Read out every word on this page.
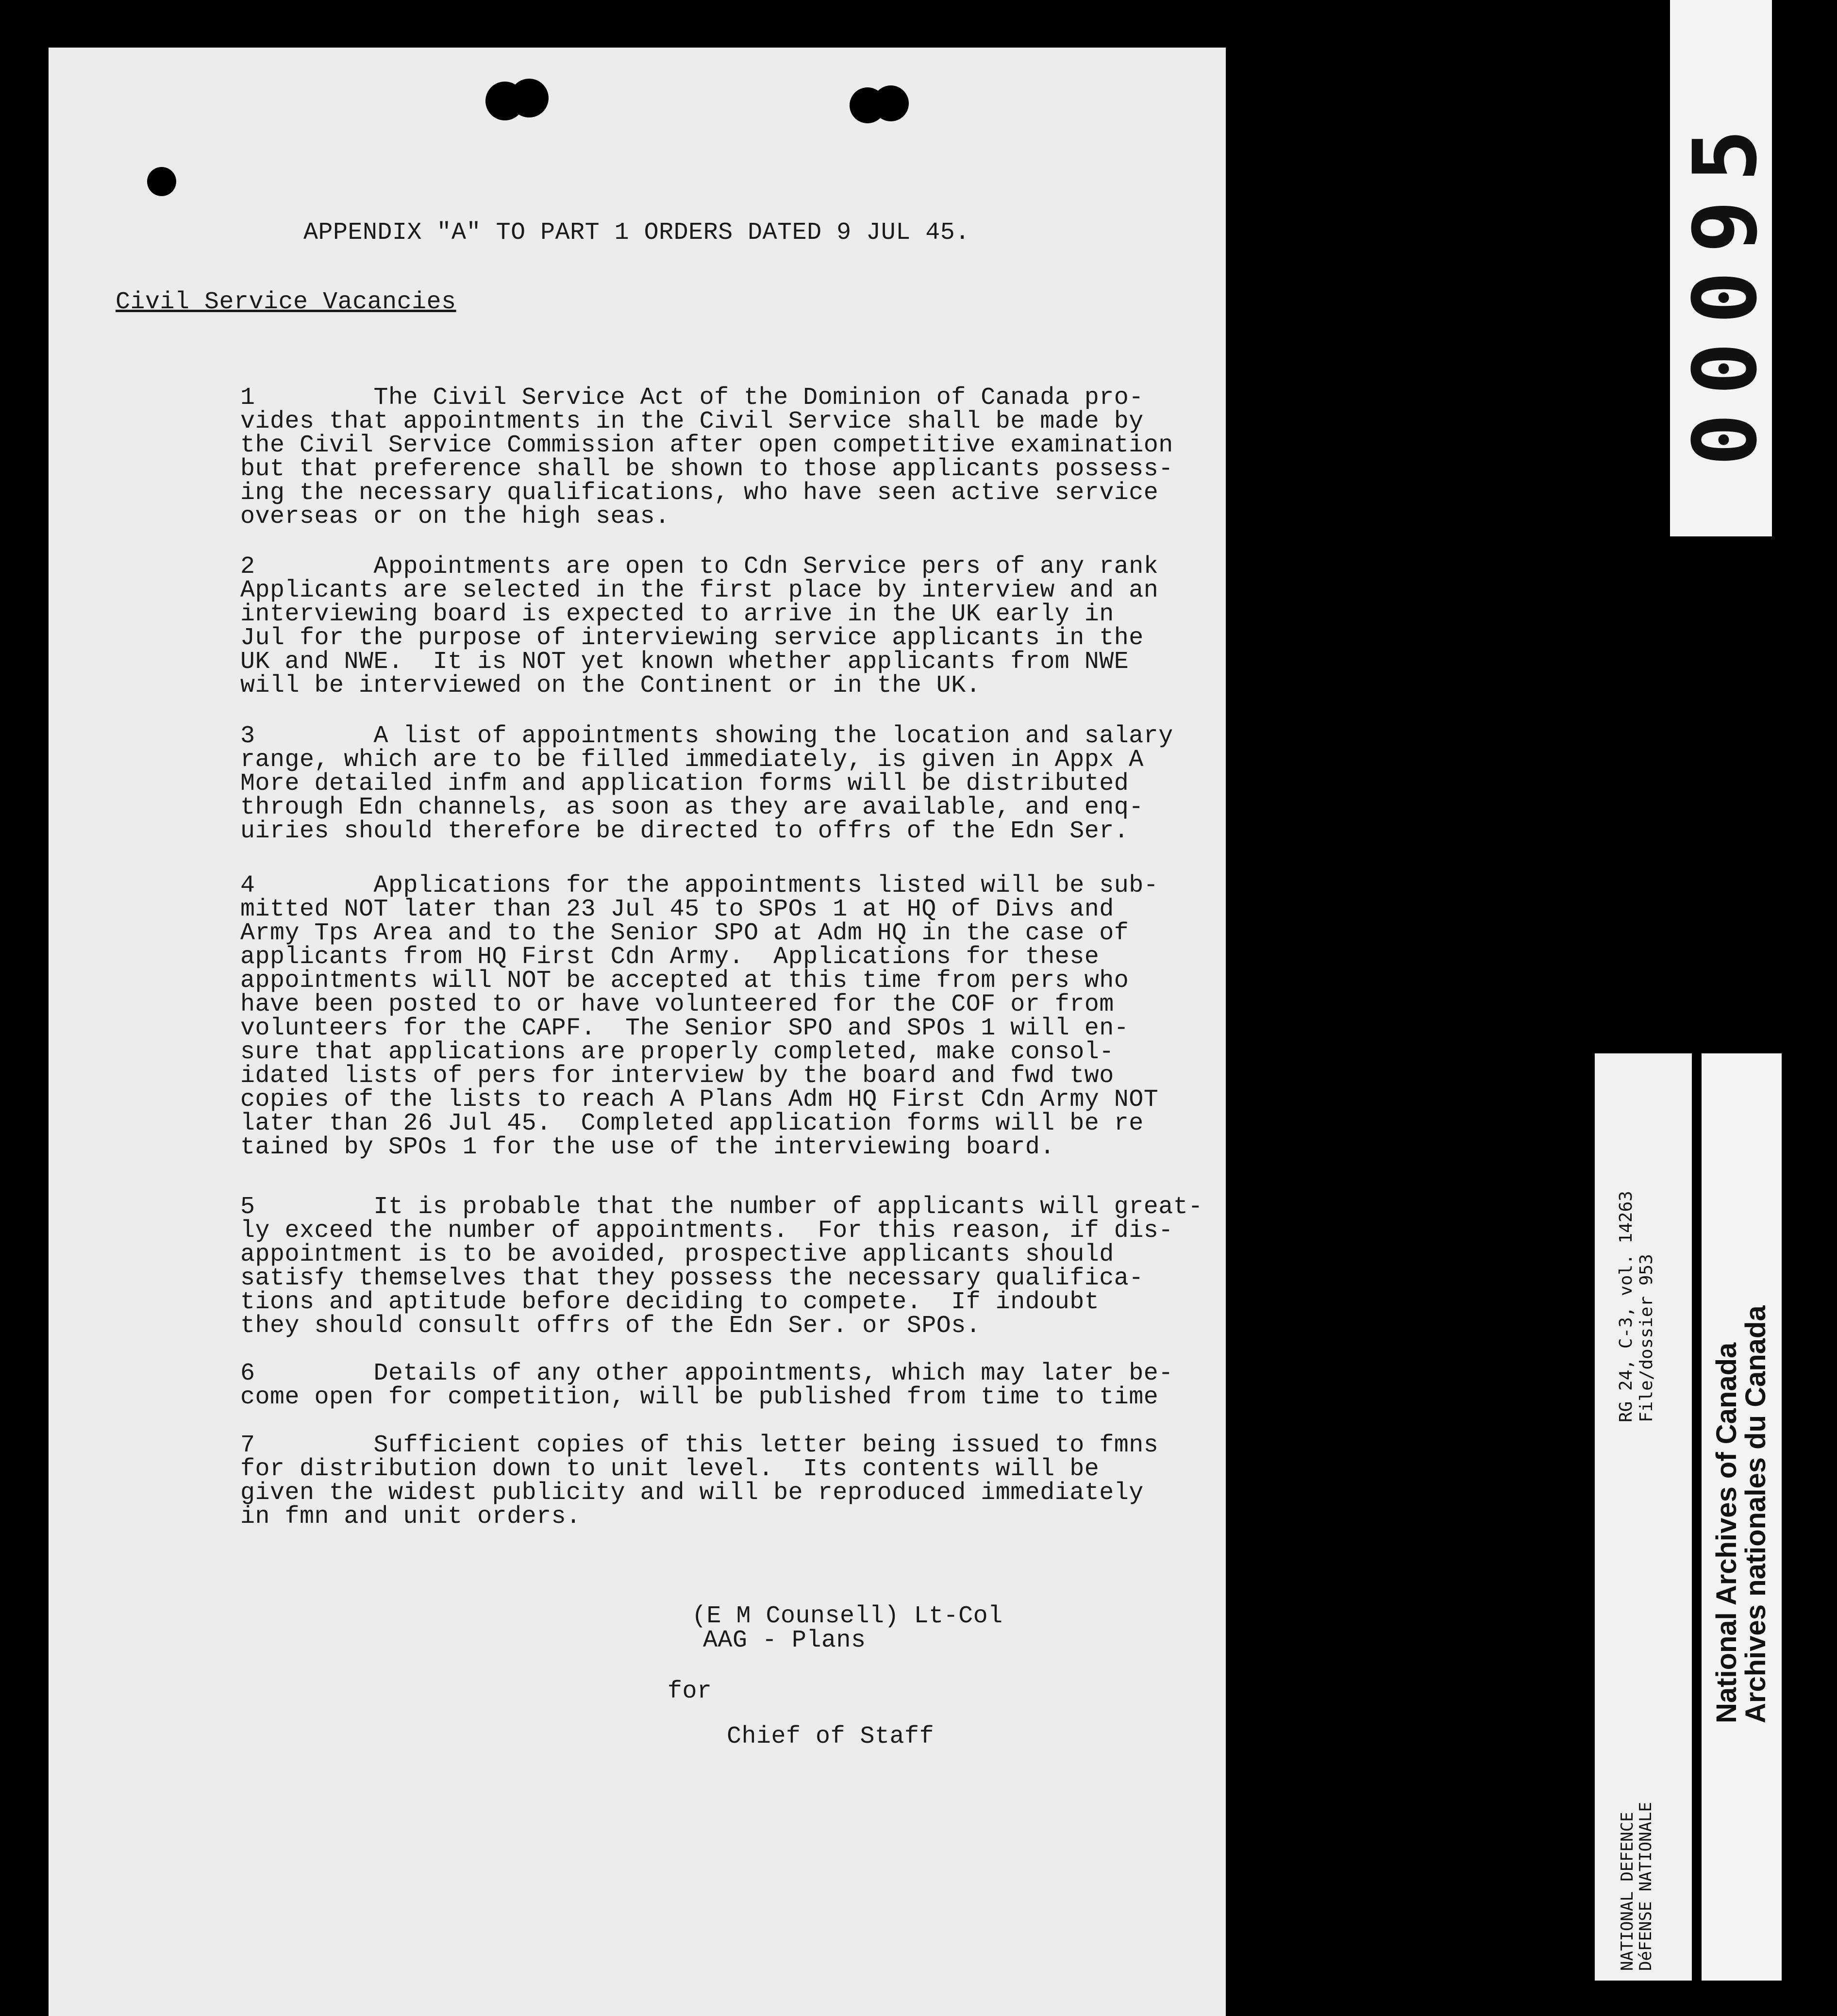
APPENDIX "A" TO PART 1 ORDERS DATED 9 JUL 45.
Civil Service Vacancies
1        The Civil Service Act of the Dominion of Canada pro-
vides that appointments in the Civil Service shall be made by
the Civil Service Commission after open competitive examination
but that preference shall be shown to those applicants possess-
ing the necessary qualifications, who have seen active service
overseas or on the high seas.
2        Appointments are open to Cdn Service pers of any rank
Applicants are selected in the first place by interview and an
interviewing board is expected to arrive in the UK early in
Jul for the purpose of interviewing service applicants in the
UK and NWE.  It is NOT yet known whether applicants from NWE
will be interviewed on the Continent or in the UK.
3        A list of appointments showing the location and salary
range, which are to be filled immediately, is given in Appx A
More detailed infm and application forms will be distributed
through Edn channels, as soon as they are available, and enq-
uiries should therefore be directed to offrs of the Edn Ser.
4        Applications for the appointments listed will be sub-
mitted NOT later than 23 Jul 45 to SPOs 1 at HQ of Divs and
Army Tps Area and to the Senior SPO at Adm HQ in the case of
applicants from HQ First Cdn Army.  Applications for these
appointments will NOT be accepted at this time from pers who
have been posted to or have volunteered for the COF or from
volunteers for the CAPF.  The Senior SPO and SPOs 1 will en-
sure that applications are properly completed, make consol-
idated lists of pers for interview by the board and fwd two
copies of the lists to reach A Plans Adm HQ First Cdn Army NOT
later than 26 Jul 45.  Completed application forms will be re
tained by SPOs 1 for the use of the interviewing board.
5        It is probable that the number of applicants will great-
ly exceed the number of appointments.  For this reason, if dis-
appointment is to be avoided, prospective applicants should
satisfy themselves that they possess the necessary qualifica-
tions and aptitude before deciding to compete.  If indoubt
they should consult offrs of the Edn Ser. or SPOs.
6        Details of any other appointments, which may later be-
come open for competition, will be published from time to time
7        Sufficient copies of this letter being issued to fmns
for distribution down to unit level.  Its contents will be
given the widest publicity and will be reproduced immediately
in fmn and unit orders.
(E M Counsell) Lt-Col
AAG - Plans
for
Chief of Staff
00095
RG 24, C-3, vol. 14263 File/dossier 953
NATIONAL DEFENCE
DéFENSE NATIONALE
National Archives of Canada
Archives nationales du Canada
